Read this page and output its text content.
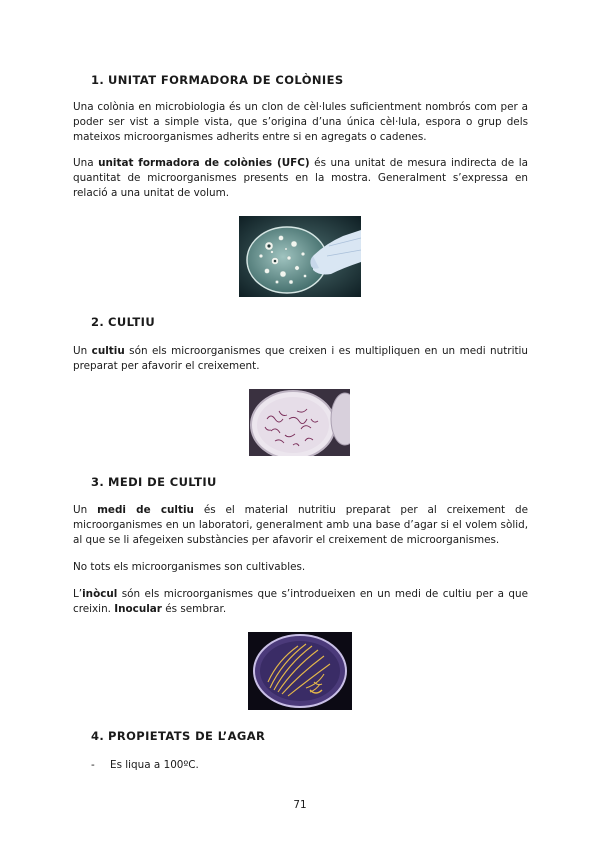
1. UNITAT FORMADORA DE COLÒNIES
Una colònia en microbiologia és un clon de cèl·lules suficientment nombrós com per a poder ser vist a simple vista, que s’origina d’una única cèl·lula, espora o grup dels mateixos microorganismes adherits entre si en agregats o cadenes.
Una unitat formadora de colònies (UFC) és una unitat de mesura indirecta de la quantitat de microorganismes presents en la mostra. Generalment s’expressa en relació a una unitat de volum.
2. CULTIU
Un cultiu són els microorganismes que creixen i es multipliquen en un medi nutritiu preparat per afavorir el creixement.
3. MEDI DE CULTIU
Un medi de cultiu és el material nutritiu preparat per al creixement de microorganismes en un laboratori, generalment amb una base d’agar si el volem sòlid, al que se li afegeixen substàncies per afavorir el creixement de microorganismes.
No tots els microorganismes son cultivables.
L’inòcul són els microorganismes que s’introdueixen en un medi de cultiu per a que creixin. Inocular és sembrar.
4. PROPIETATS DE L’AGAR
- Es liqua a 100ºC.
71
